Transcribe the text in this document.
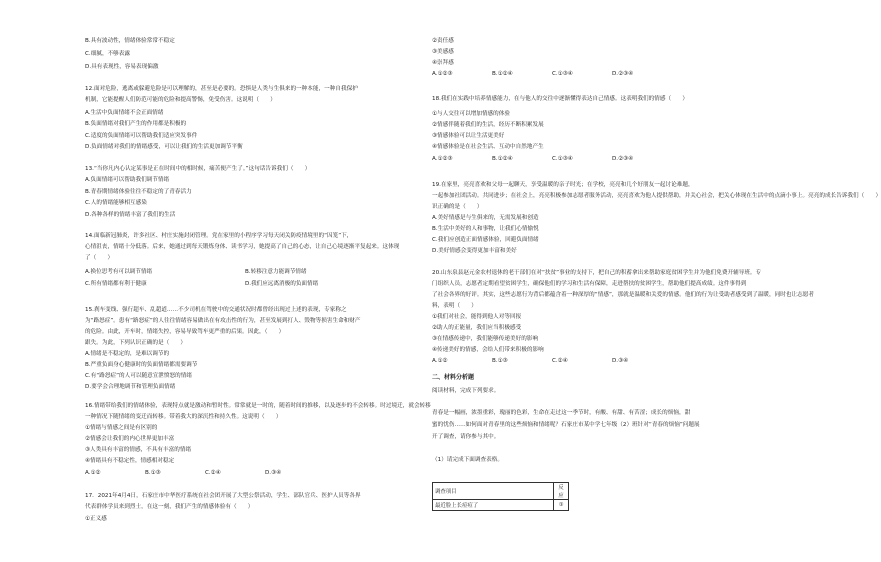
B.具有波动性，情绪体验常常不稳定
C.细腻，不够表露
D.具有表现性，容易表现偏激
12.面对危险，逃离或躲避危险是可以理解的，甚至是必要的。恐惧是人类与生俱来的一种本能，一种自我保护
机制，它能提醒人们防范可能的危险和提高警惕，免受伤害。这说明（　　）
A.生活中负面情绪不会正面情绪
B.负面情绪对我们产生的作用都是积极的
C.适度的负面情绪可以帮助我们适应突发事件
D.负面情绪对我们的情绪感受，可以让我们的生活更加调节平衡
13.“当你凡内心认定某事是正在时间中的相时候，痛苦便产生了。”这句话告诉我们（　　）
A.负面情绪可以帮助我们调节情绪
B.青春期情绪体验往往不稳定的了青春活力
C.人的情绪能够相互感染
D.各种各样的情绪丰富了我们的生活
14.面临新冠肺炎，许多社区、村庄实施封闭管理。党在家里的小程序学习每天闭关防疫情境里的“囚笼”下，
心情沮丧，情绪十分低落。后来，她通过到每天锻炼身体、读书学习，她提高了自己的心态，让自己心境逐渐平复起来。这体现
了（　　）
A.换位思考有可以调节情绪	B.转移注意力能调节情绪
C.所有情绪都有利于健康	D.我们应远离消极的负面情绪
15.刹车变线、强行超车、乱超道……不少司机在驾驶中的交通状况时都曾经出现过上述的表现，专家称之
为“路怒症”。患有“路怒症”的人往往情绪容易做出在有攻击性的行为，甚至发展到打人、毁物等损害生命和财产
的危险。由此，开车时，情绪失控，容易导致驾车更严重的后果。因此，（　　）
跟失。为此，下列认识正确的是（　　）
A.情绪是不稳定的，是难以调节的
B.严重负面身心健康时的负面情绪都需要调节
C.有“路怒症”的人可以随意宣泄愤怒的情绪
D.要学会合理地调节和管理负面情绪
16.情绪带给我们的情绪体验，表现特点就是激动和暂时性。常常就是一时的，随着时间的推移，以及逐步的不会转移。时过境迁，就会转移
一种情况下随情绪的变迁而转移。带着我大的深沉性和持久性。这说明（　　）
①情绪与情感之间是有区别的
②情感会让我们的内心世界更加丰富
③人类具有丰富的情感，不具有丰富的情绪
④情绪具有不稳定性，情感相对稳定
A.①②	B.①③	C.②④	D.③④
17．2021年4月4日，石家庄市中华医疗系统在社会团开展了大型公祭活动，学生、部队官兵、医护人员等各界
代表群体学员来到烈士，在这一刻，我们产生的情感体验有（　　）
①正义感
②责任感
③美感感
④崇拜感
A.①②③	B.①②④	C.①③④	D.②③④
18.我们在实践中培养情感能力，在与他人的交往中逐渐懂得表达自己情感。这表明我们的情感（　　）
①与人交往可以增加情感的体验
②情感伴随着我们的生活，经历不断积累发展
③情感体验可以让生活更美好
④情感体验是在社会生活、互动中自然地产生
A.①②③	B.①②④	C.①③④	D.②③④
19.在家里，亮亮喜欢和父母一起聊天，享受温暖的亲子时光；在学校，亮亮和几个好朋友一起讨论难题，
一起参加社团活动。共同进步；在社会上，亮亮积极参加志愿者服务活动，亮亮喜欢为他人提供帮助，并关心社会，把关心体现在生活中的点滴小事上。亮亮的成长告诉我们（　　）
识正确的是（　　）
A.美好情感是与生俱来的，无需发展和创造
B.生活中美好的人和事物，让我们心情愉悦
C.我们应创造正面情感体验，回避负面情绪
D.美好情感会变得更加丰富和美好
20.山东泉县赵元金农村退休的老干部们在对“扶贫”事业的支持下，把自己的积蓄拿出来帮助家庭贫困学生并为他们免费开辅导班。专
门组织人员，志愿者定期看望贫困学生，确保他们的学习和生活有保障，走进帮扶的贫困学生，帮助他们提高成绩。这件事得到
了社会各界的好评。其实，这些志愿行为背后都蕴含着一种深厚的“情感”，那就是温暖和关爱的情感。他们的行为让受助者感受到了温暖，同时也让志愿者
料，表明（　　）
①我们对社会，能得到他人对等回报
②助人的正能量，我们应当积极感受
③在情感传递中，我们能够传递美好的影响
④传递美好的情感，会给人们带来积极的影响
A.①②	B.①③	C.②④	D.③④
二、材料分析题
阅读材料，完成下列要求。
青春是一幅画，浓墨重彩，瑰丽的色彩，生命在走过这一季节时，有酸、有甜、有苦涩；成长的烦恼，甜
蜜的忧伤……如何面对青春里的这些烦恼和情绪呢？石家庄市某中学七年级（2）班针对“青春的烦恼”问题展
开了调查，请你参与其中。
（1）请完成下面调查表格。
调查项目	反应
最近脸上长痘痘了	①
